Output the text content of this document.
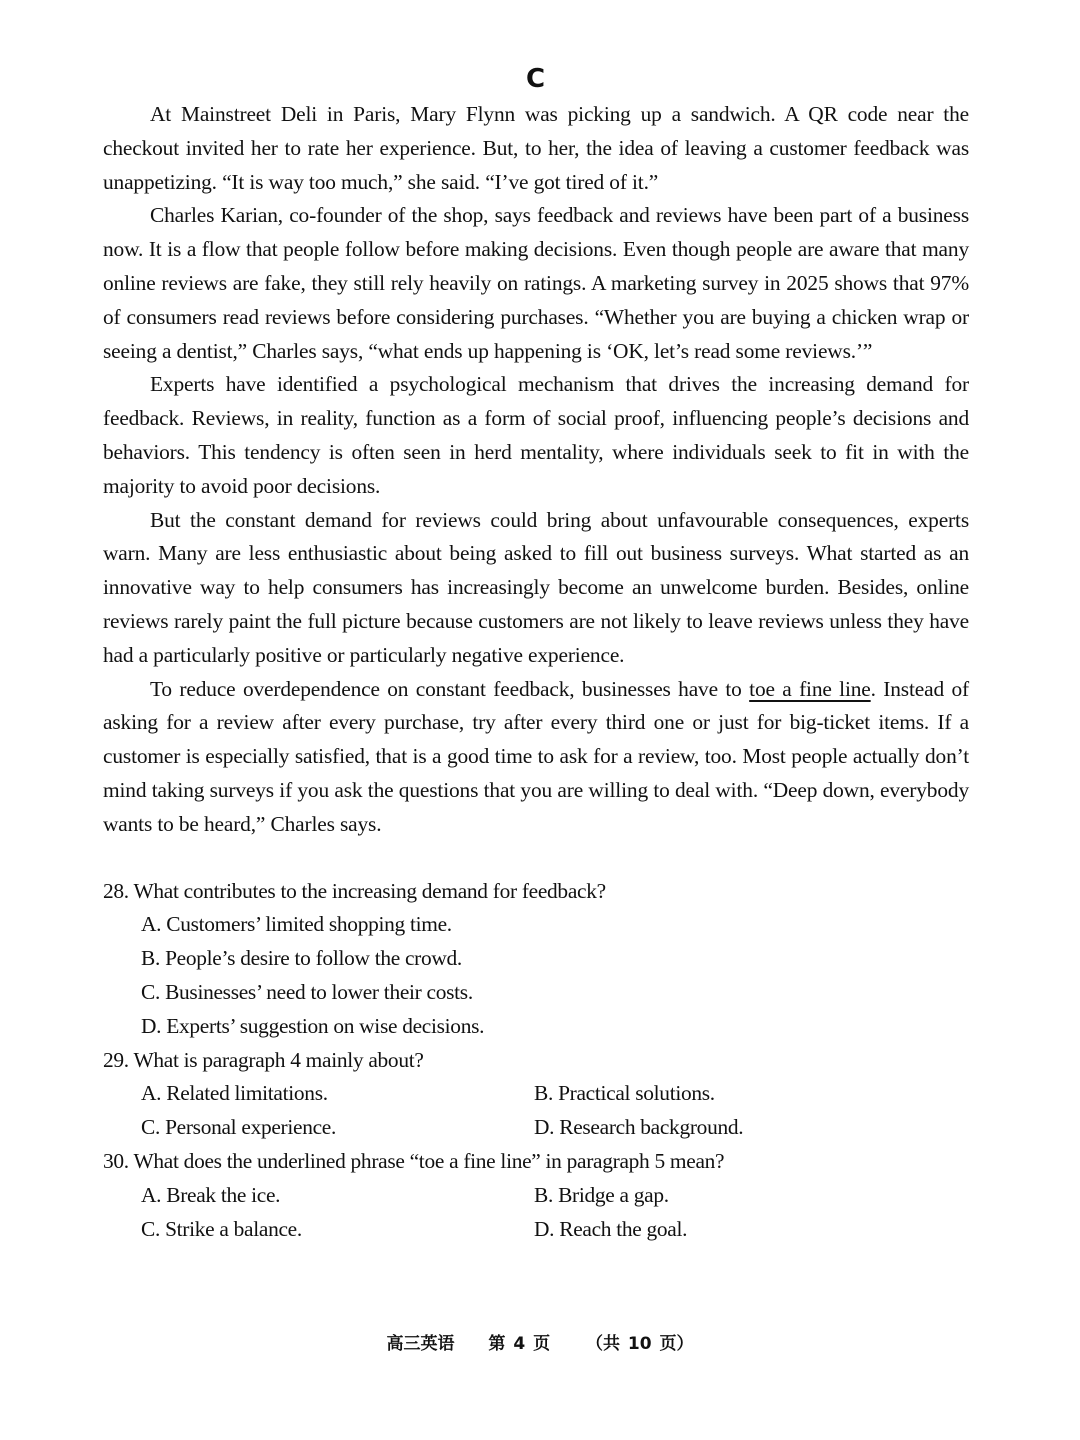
C

At Mainstreet Deli in Paris, Mary Flynn was picking up a sandwich. A QR code near the checkout invited her to rate her experience. But, to her, the idea of leaving a customer feedback was unappetizing. “It is way too much,” she said. “I’ve got tired of it.”

Charles Karian, co-founder of the shop, says feedback and reviews have been part of a business now. It is a flow that people follow before making decisions. Even though people are aware that many online reviews are fake, they still rely heavily on ratings. A marketing survey in 2025 shows that 97% of consumers read reviews before considering purchases. “Whether you are buying a chicken wrap or seeing a dentist,” Charles says, “what ends up happening is ‘OK, let’s read some reviews.’”

Experts have identified a psychological mechanism that drives the increasing demand for feedback. Reviews, in reality, function as a form of social proof, influencing people’s decisions and behaviors. This tendency is often seen in herd mentality, where individuals seek to fit in with the majority to avoid poor decisions.

But the constant demand for reviews could bring about unfavourable consequences, experts warn. Many are less enthusiastic about being asked to fill out business surveys. What started as an innovative way to help consumers has increasingly become an unwelcome burden. Besides, online reviews rarely paint the full picture because customers are not likely to leave reviews unless they have had a particularly positive or particularly negative experience.

To reduce overdependence on constant feedback, businesses have to toe a fine line. Instead of asking for a review after every purchase, try after every third one or just for big-ticket items. If a customer is especially satisfied, that is a good time to ask for a review, too. Most people actually don’t mind taking surveys if you ask the questions that you are willing to deal with. “Deep down, everybody wants to be heard,” Charles says.

28. What contributes to the increasing demand for feedback?

A. Customers’ limited shopping time.
B. People’s desire to follow the crowd.
C. Businesses’ need to lower their costs.
D. Experts’ suggestion on wise decisions.

29. What is paragraph 4 mainly about?

A. Related limitations.	B. Practical solutions.
C. Personal experience.	D. Research background.

30. What does the underlined phrase “toe a fine line” in paragraph 5 mean?

A. Break the ice.	B. Bridge a gap.
C. Strike a balance.	D. Reach the goal.
高三英语 第 4 页 （共 10 页）
